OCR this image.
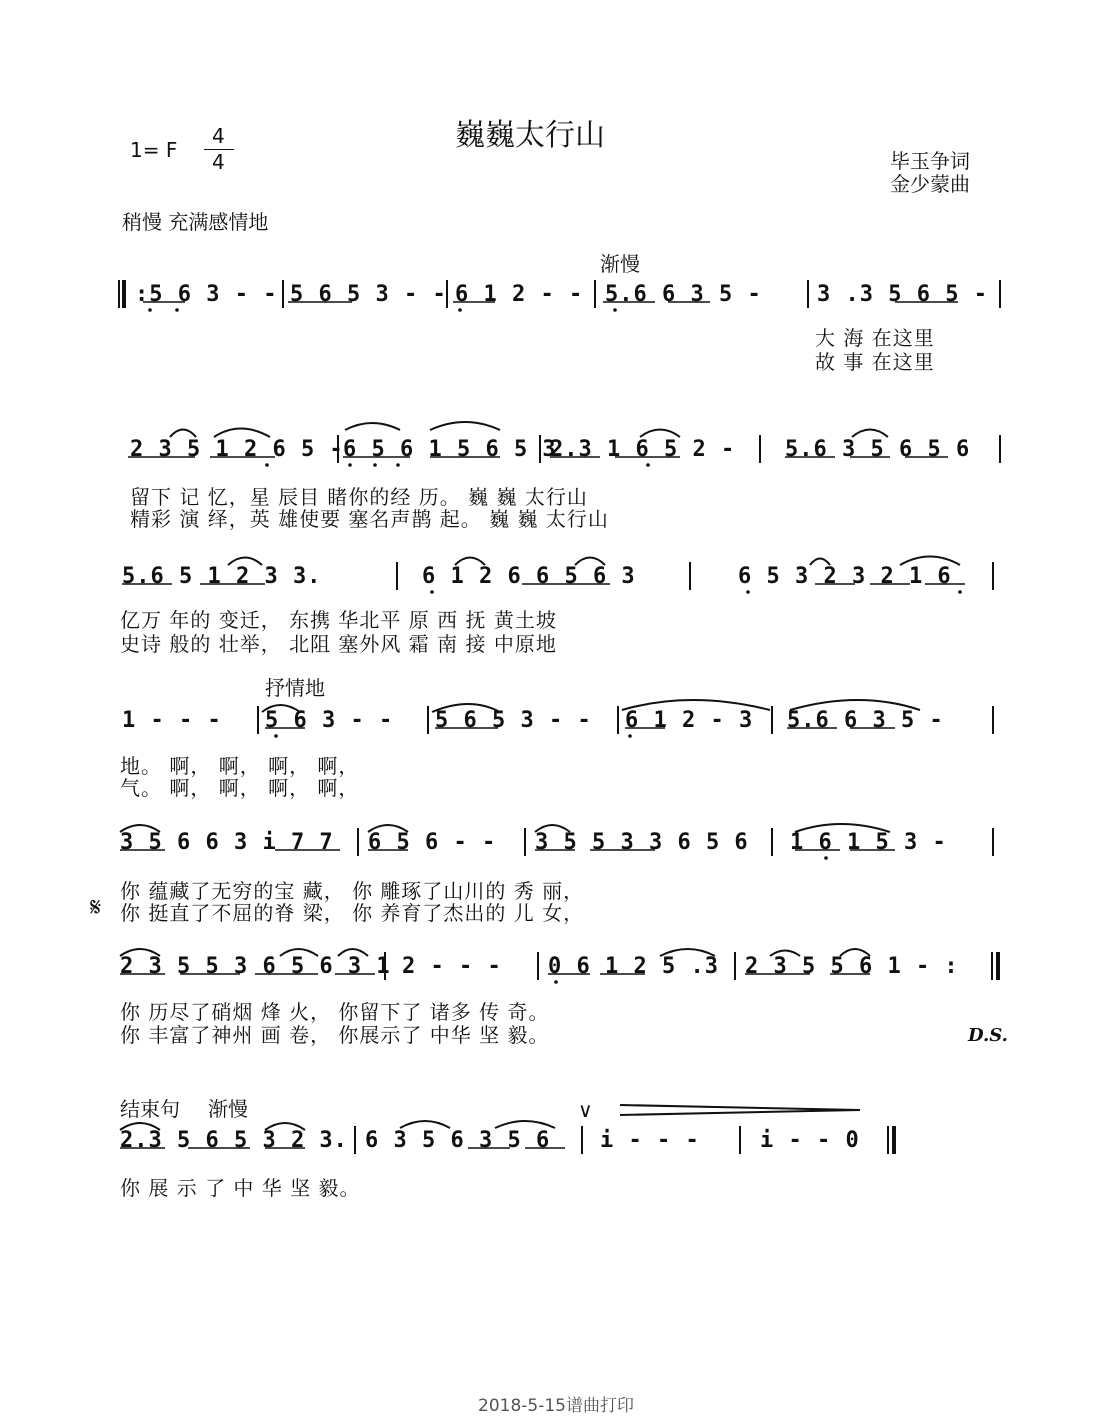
巍巍太行山
1= F
4
4	毕玉争词
金少蒙曲
稍慢 充满感情地
渐慢
:5 6 3 - - 5 6 5 3 - - 6 1 2 - - 5.6 6 3 5 -	3 .3 5 6 5 -
大 海 在这里
故 事 在这里
2 3 5 1 2 6 5 - 6 5 6 1 5 6 5 3
2.3 1 6 5 2 - 5.6 3 5 6 5 6
留下 记 忆，星 辰目 睹你的经 历。 巍 巍 太行山
精彩 演 绎，英 雄使要 塞名声鹊 起。 巍 巍 太行山
5.6 5 1 2 3 3.	6 1 2 6 6 5 6 3	6 5 3 2 3 2 1 6
亿万 年的 变迁， 东携 华北平 原 西 抚 黄土坡
史诗 般的 壮举， 北阻 塞外风 霜 南 接 中原地
抒情地
1 - - - 5 6 3 - - 5 6 5 3 - - 6 1 2 - 3 5.6 6 3 5 -
地。 啊， 啊， 啊， 啊，
气。 啊， 啊， 啊， 啊，
3 5 6 6 3 i 7 7 6 5 6 - - 3 5 5 3 3 6 5 6 1 6 1 5 3 -
你 蕴藏了无穷的宝 藏， 你 雕琢了山川的 秀 丽，
你 挺直了不屈的脊 梁， 你 养育了杰出的 儿 女，
𝄋
2 3 5 5 3 6 5 6 3 1 2 - - - 0 6 1 2 5 .3 2 3 5 5 6 1 - :
你 历尽了硝烟 烽 火， 你留下了 诸多 传 奇。
你 丰富了神州 画 卷， 你展示了 中华 坚 毅。	D.S.
结束句 渐慢
2.3 5 6 5 3 2 3. 6 3 5 6 3 5 6 i - - -	i - - 0
你 展 示 了 中 华 坚 毅。
∨
2018-5-15谱曲打印
